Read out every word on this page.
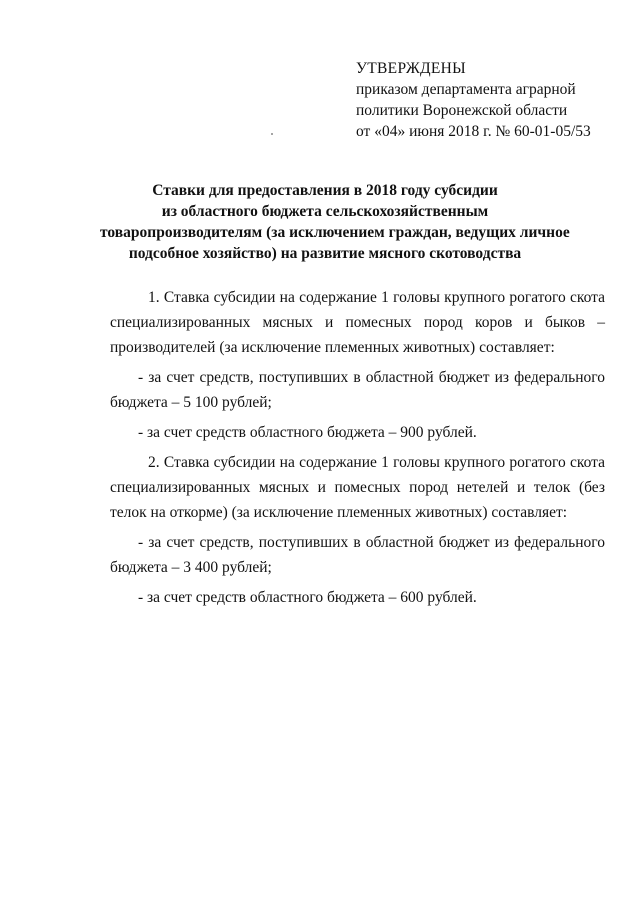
УТВЕРЖДЕНЫ
приказом департамента аграрной
политики Воронежской области
от «04» июня 2018 г. № 60-01-05/53
Ставки для предоставления в 2018 году субсидии
из областного бюджета сельскохозяйственным
товаропроизводителям (за исключением граждан, ведущих личное
подсобное хозяйство) на развитие мясного скотоводства

1. Ставка субсидии на содержание 1 головы крупного рогатого скота специализированных мясных и помесных пород коров и быков – производителей (за исключение племенных животных) составляет:

- за счет средств, поступивших в областной бюджет из федерального бюджета – 5 100 рублей;

- за счет средств областного бюджета – 900 рублей.

2. Ставка субсидии на содержание 1 головы крупного рогатого скота специализированных мясных и помесных пород нетелей и телок (без телок на откорме) (за исключение племенных животных) составляет:

- за счет средств, поступивших в областной бюджет из федерального бюджета – 3 400 рублей;

- за счет средств областного бюджета – 600 рублей.
